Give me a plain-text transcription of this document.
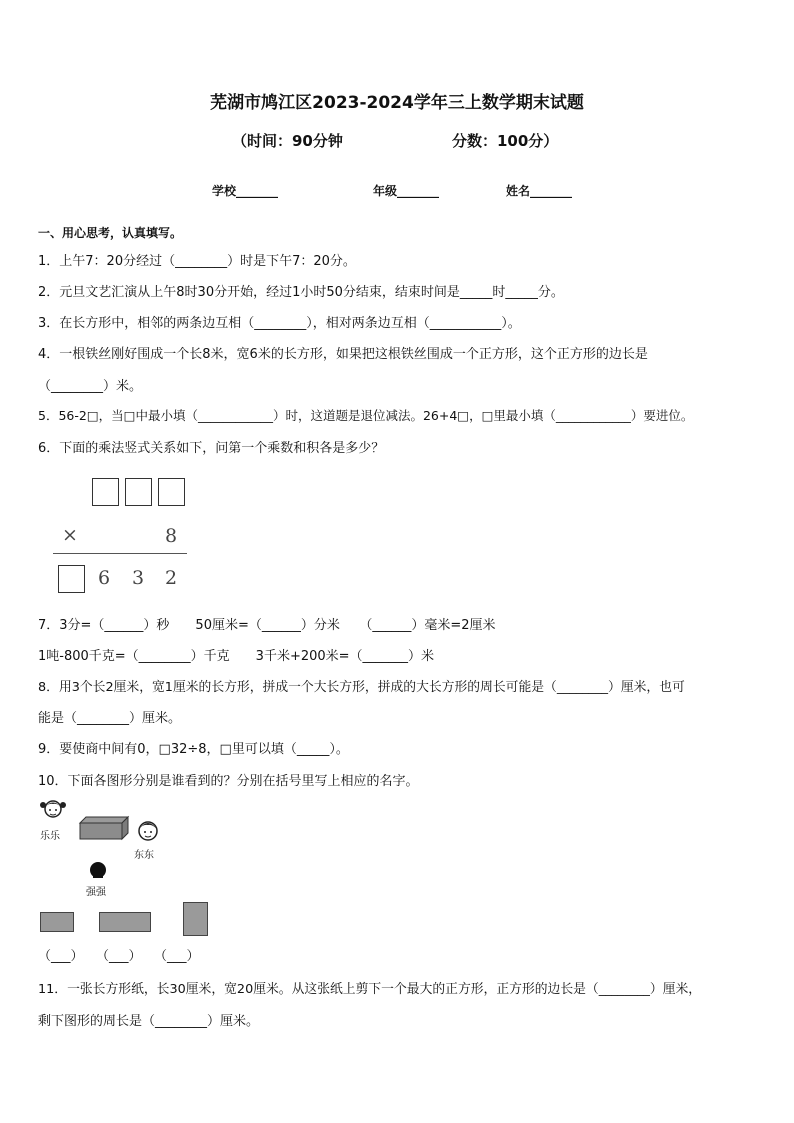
芜湖市鸠江区2023-2024学年三上数学期末试题
（时间：90分钟	分数：100分）
学校_______	年级_______	姓名_______
一、用心思考，认真填写。
1．上午7：20分经过（________）时是下午7：20分。
2．元旦文艺汇演从上午8时30分开始，经过1小时50分结束，结束时间是_____时_____分。
3．在长方形中，相邻的两条边互相（________），相对两条边互相（___________）。
4．一根铁丝刚好围成一个长8米，宽6米的长方形，如果把这根铁丝围成一个正方形，这个正方形的边长是
（________）米。
5．56-2□，当□中最小填（____________）时，这道题是退位减法。26+4□，□里最小填（____________）要进位。
6．下面的乘法竖式关系如下，问第一个乘数和积各是多少？
×	8
6 3 2
7．3分=（______）秒　　50厘米=（______）分米　　（______）毫米=2厘米
1吨-800千克=（________）千克　　3千米+200米=（_______）米
8．用3个长2厘米，宽1厘米的长方形，拼成一个大长方形，拼成的大长方形的周长可能是（________）厘米，也可
能是（________）厘米。
9．要使商中间有0，□32÷8，□里可以填（_____）。
10．下面各图形分别是谁看到的？分别在括号里写上相应的名字。
乐乐
东东
强强
（___） （___） （___）
11．一张长方形纸，长30厘米，宽20厘米。从这张纸上剪下一个最大的正方形，正方形的边长是（________）厘米，
剩下图形的周长是（________）厘米。
